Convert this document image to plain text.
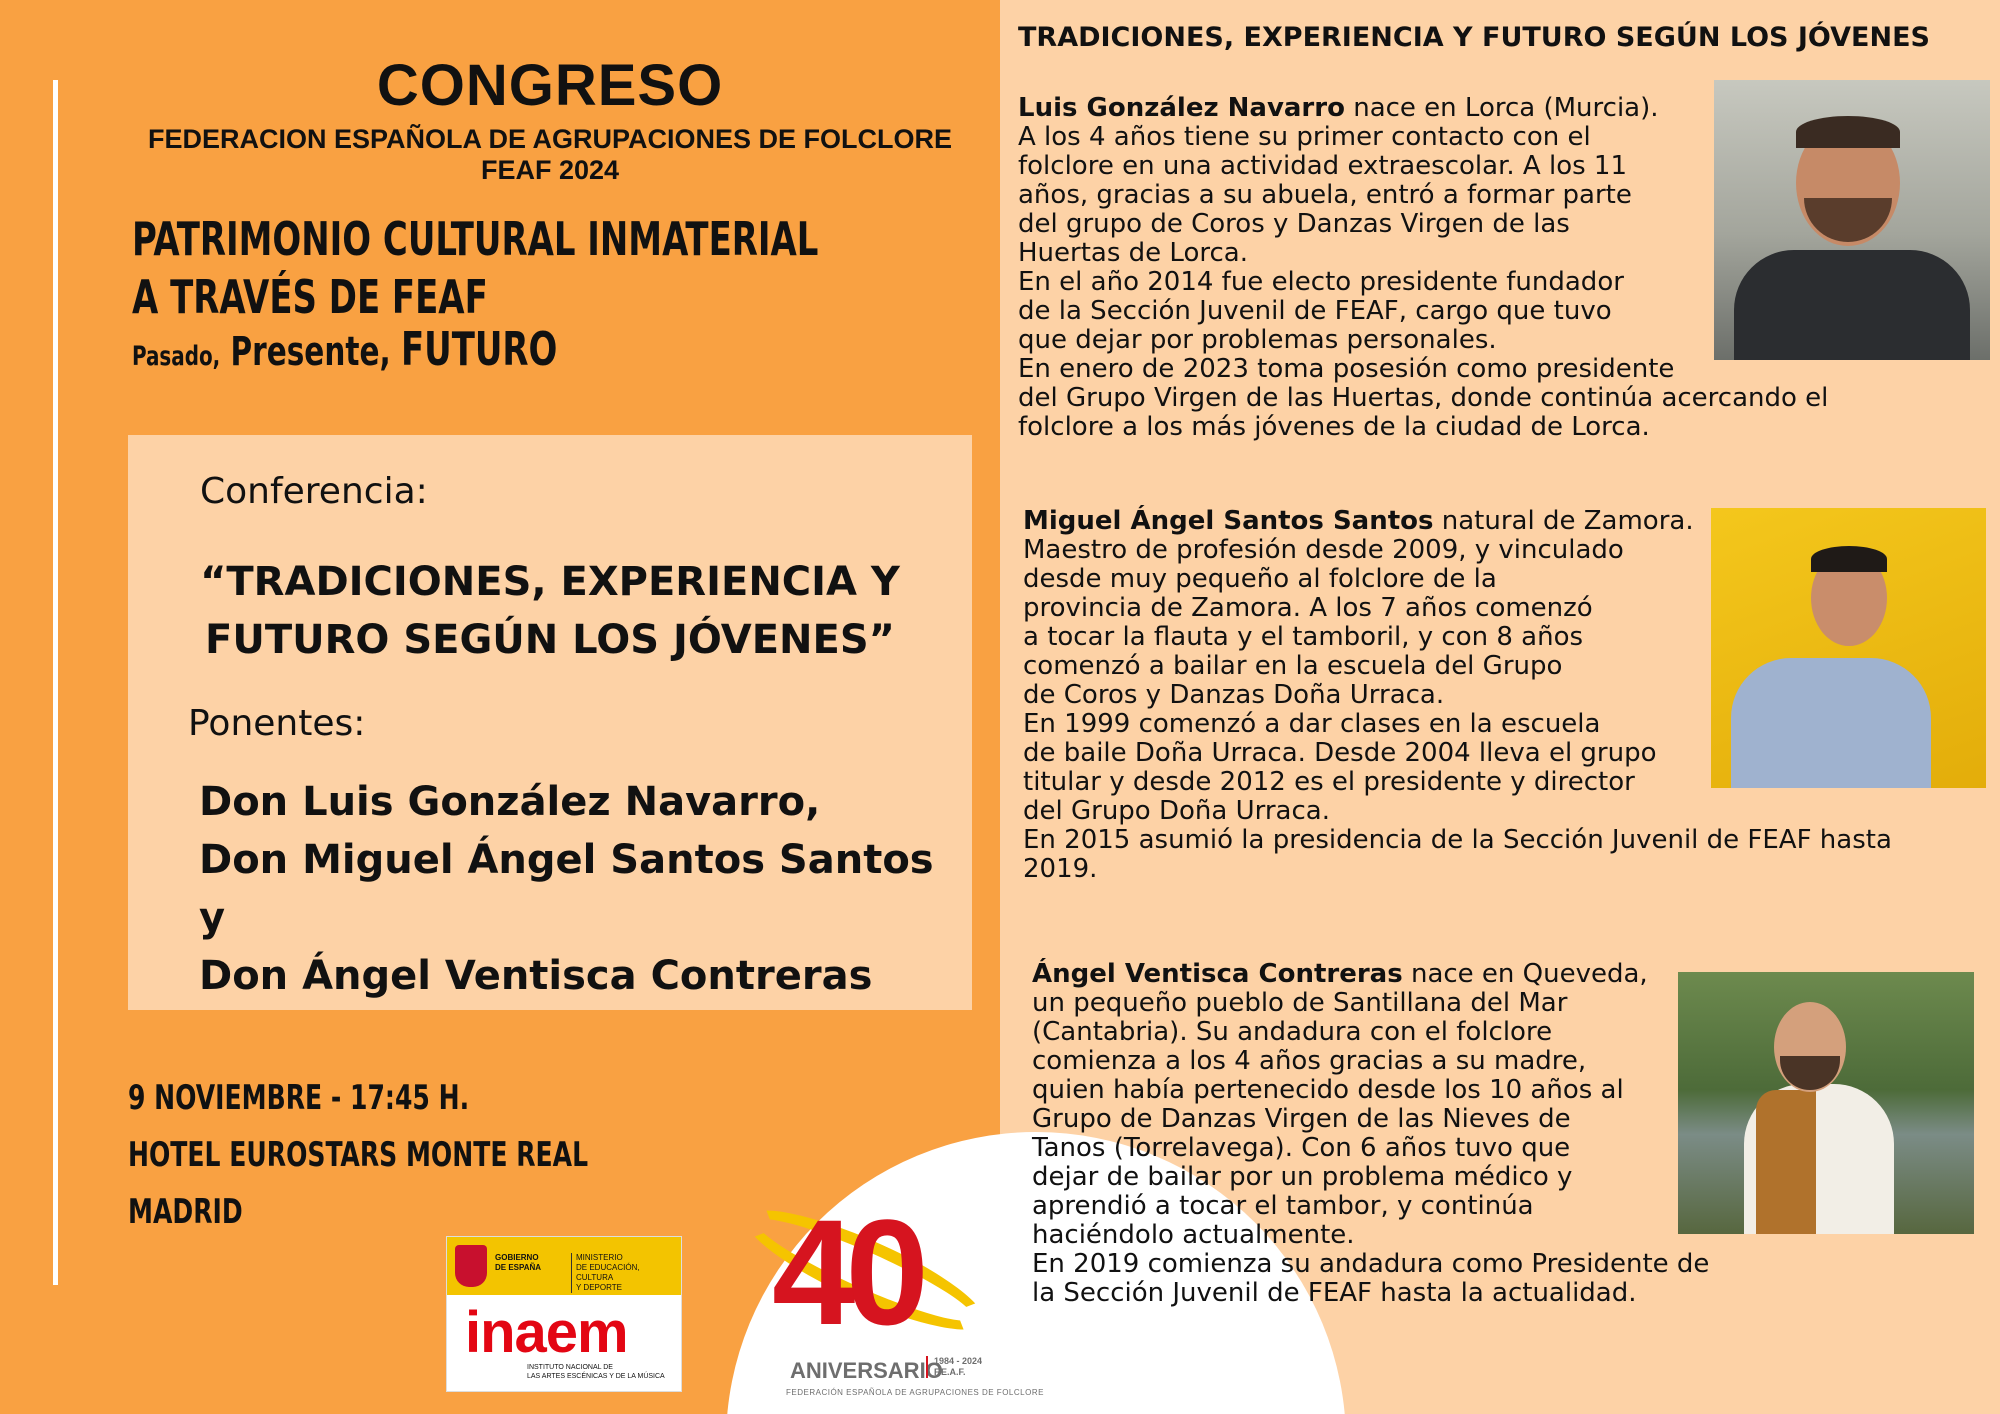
CONGRESO
FEDERACION ESPAÑOLA DE AGRUPACIONES DE FOLCLORE
FEAF 2024
PATRIMONIO CULTURAL INMATERIAL
A TRAVÉS DE FEAF
Pasado, Presente, FUTURO
Conferencia:
“TRADICIONES, EXPERIENCIA Y
FUTURO SEGÚN LOS JÓVENES”
Ponentes:
Don Luis González Navarro,
Don Miguel Ángel Santos Santos y
Don Ángel Ventisca Contreras
9 NOVIEMBRE - 17:45 H.
HOTEL EUROSTARS MONTE REAL
MADRID
GOBIERNO
DE ESPAÑA
MINISTERIO
DE EDUCACIÓN, CULTURA
Y DEPORTE
inaem
INSTITUTO NACIONAL DE
LAS ARTES ESCÉNICAS Y DE LA MÚSICA
40
ANIVERSARIO
1984 - 2024
F.E.A.F.
FEDERACIÓN ESPAÑOLA DE AGRUPACIONES DE FOLCLORE
TRADICIONES, EXPERIENCIA Y FUTURO SEGÚN LOS JÓVENES
Luis González Navarro nace en Lorca (Murcia).
A los 4 años tiene su primer contacto con el
folclore en una actividad extraescolar. A los 11
años, gracias a su abuela, entró a formar parte
del grupo de Coros y Danzas Virgen de las
Huertas de Lorca.
En el año 2014 fue electo presidente fundador
de la Sección Juvenil de FEAF, cargo que tuvo
que dejar por problemas personales.
En enero de 2023 toma posesión como presidente
del Grupo Virgen de las Huertas, donde continúa acercando el
folclore a los más jóvenes de la ciudad de Lorca.
Miguel Ángel Santos Santos natural de Zamora.
Maestro de profesión desde 2009, y vinculado
desde muy pequeño al folclore de la
provincia de Zamora. A los 7 años comenzó
a tocar la flauta y el tamboril, y con 8 años
comenzó a bailar en la escuela del Grupo
de Coros y Danzas Doña Urraca.
En 1999 comenzó a dar clases en la escuela
de baile Doña Urraca. Desde 2004 lleva el grupo
titular y desde 2012 es el presidente y director
del Grupo Doña Urraca.
En 2015 asumió la presidencia de la Sección Juvenil de FEAF hasta
2019.
Ángel Ventisca Contreras nace en Queveda,
un pequeño pueblo de Santillana del Mar
(Cantabria). Su andadura con el folclore
comienza a los 4 años gracias a su madre,
quien había pertenecido desde los 10 años al
Grupo de Danzas Virgen de las Nieves de
Tanos (Torrelavega). Con 6 años tuvo que
dejar de bailar por un problema médico y
aprendió a tocar el tambor, y continúa
haciéndolo actualmente.
En 2019 comienza su andadura como Presidente de
la Sección Juvenil de FEAF hasta la actualidad.
